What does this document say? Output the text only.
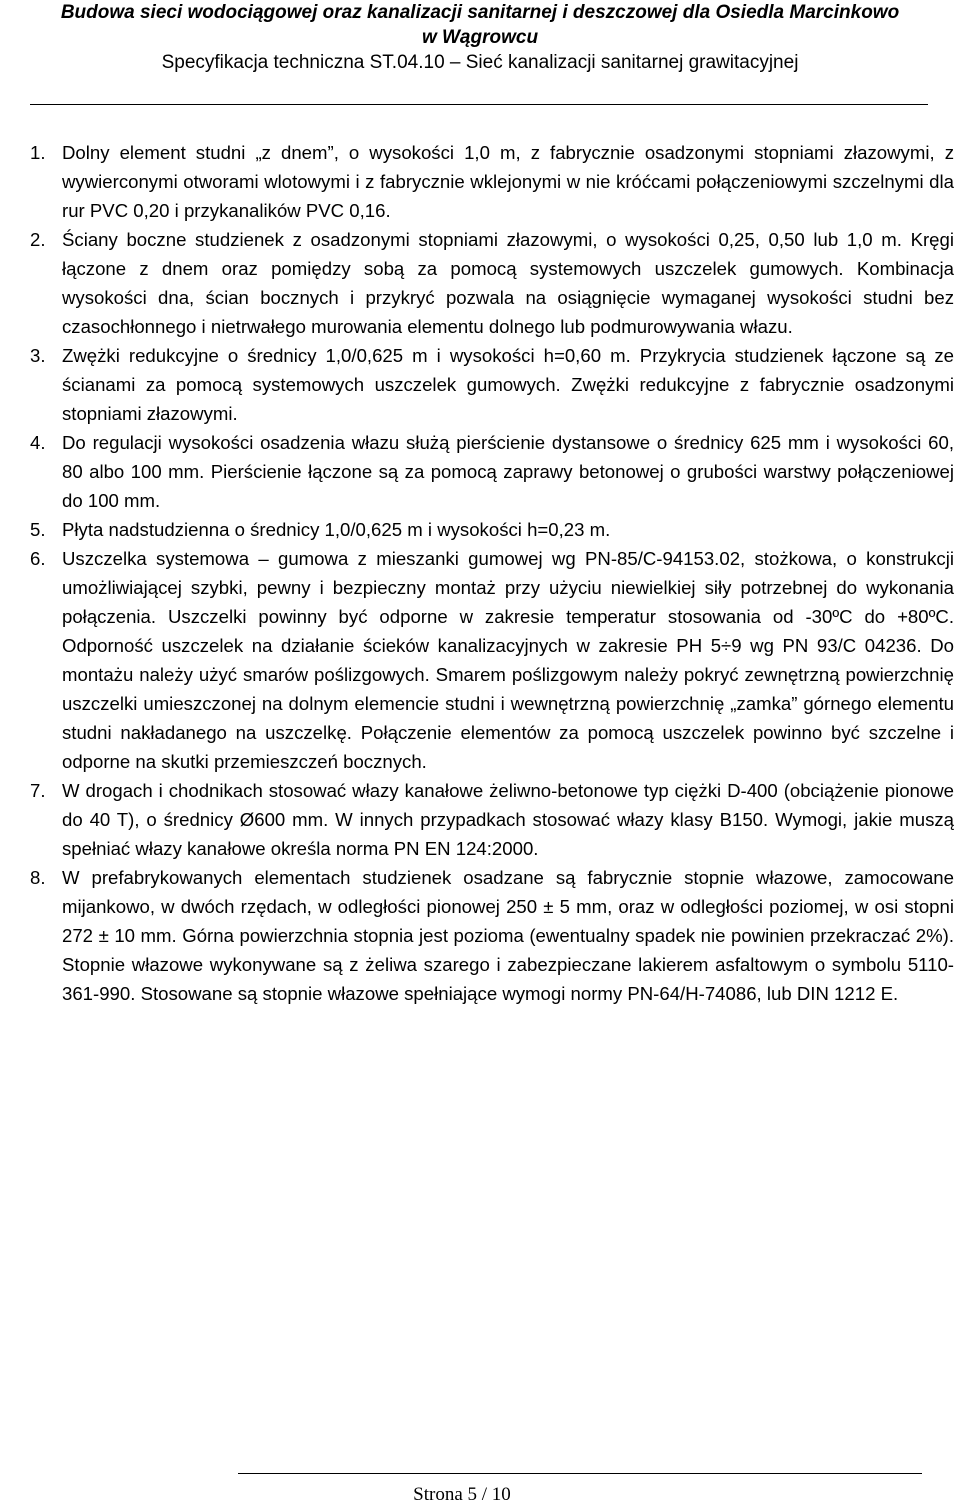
Budowa sieci wodociągowej oraz kanalizacji sanitarnej i deszczowej dla Osiedla Marcinkowo
w Wągrowcu
Specyfikacja techniczna ST.04.10 – Sieć kanalizacji sanitarnej grawitacyjnej
1. Dolny element studni „z dnem”, o wysokości 1,0 m, z fabrycznie osadzonymi stopniami złazowymi, z wywierconymi otworami wlotowymi i z fabrycznie wklejonymi w nie króćcami połączeniowymi szczelnymi dla rur PVC 0,20 i przykanalików PVC 0,16.
2. Ściany boczne studzienek z osadzonymi stopniami złazowymi, o wysokości 0,25, 0,50 lub 1,0 m. Kręgi łączone z dnem oraz pomiędzy sobą za pomocą systemowych uszczelek gumowych. Kombinacja wysokości dna, ścian bocznych i przykryć pozwala na osiągnięcie wymaganej wysokości studni bez czasochłonnego i nietrwałego murowania elementu dolnego lub podmurowywania włazu.
3. Zwężki redukcyjne o średnicy 1,0/0,625 m i wysokości h=0,60 m. Przykrycia studzienek łączone są ze ścianami za pomocą systemowych uszczelek gumowych. Zwężki redukcyjne z fabrycznie osadzonymi stopniami złazowymi.
4. Do regulacji wysokości osadzenia włazu służą pierścienie dystansowe o średnicy 625 mm i wysokości 60, 80 albo 100 mm. Pierścienie łączone są za pomocą zaprawy betonowej o grubości warstwy połączeniowej do 100 mm.
5. Płyta nadstudzienna o średnicy 1,0/0,625 m i wysokości h=0,23 m.
6. Uszczelka systemowa – gumowa z mieszanki gumowej wg PN-85/C-94153.02, stożkowa, o konstrukcji umożliwiającej szybki, pewny i bezpieczny montaż przy użyciu niewielkiej siły potrzebnej do wykonania połączenia. Uszczelki powinny być odporne w zakresie temperatur stosowania od -30ºC do +80ºC. Odporność uszczelek na działanie ścieków kanalizacyjnych w zakresie PH 5÷9 wg PN 93/C 04236. Do montażu należy użyć smarów poślizgowych. Smarem poślizgowym należy pokryć zewnętrzną powierzchnię uszczelki umieszczonej na dolnym elemencie studni i wewnętrzną powierzchnię „zamka” górnego elementu studni nakładanego na uszczelkę. Połączenie elementów za pomocą uszczelek powinno być szczelne i odporne na skutki przemieszczeń bocznych.
7. W drogach i chodnikach stosować włazy kanałowe żeliwno-betonowe typ ciężki D-400 (obciążenie pionowe do 40 T), o średnicy Ø600 mm. W innych przypadkach stosować włazy klasy B150. Wymogi, jakie muszą spełniać włazy kanałowe określa norma PN EN 124:2000.
8. W prefabrykowanych elementach studzienek osadzane są fabrycznie stopnie włazowe, zamocowane mijankowo, w dwóch rzędach, w odległości pionowej 250 ± 5 mm, oraz w odległości poziomej, w osi stopni 272 ± 10 mm. Górna powierzchnia stopnia jest pozioma (ewentualny spadek nie powinien przekraczać 2%). Stopnie włazowe wykonywane są z żeliwa szarego i zabezpieczane lakierem asfaltowym o symbolu 5110-361-990. Stosowane są stopnie włazowe spełniające wymogi normy PN-64/H-74086, lub DIN 1212 E.
Strona 5 / 10
